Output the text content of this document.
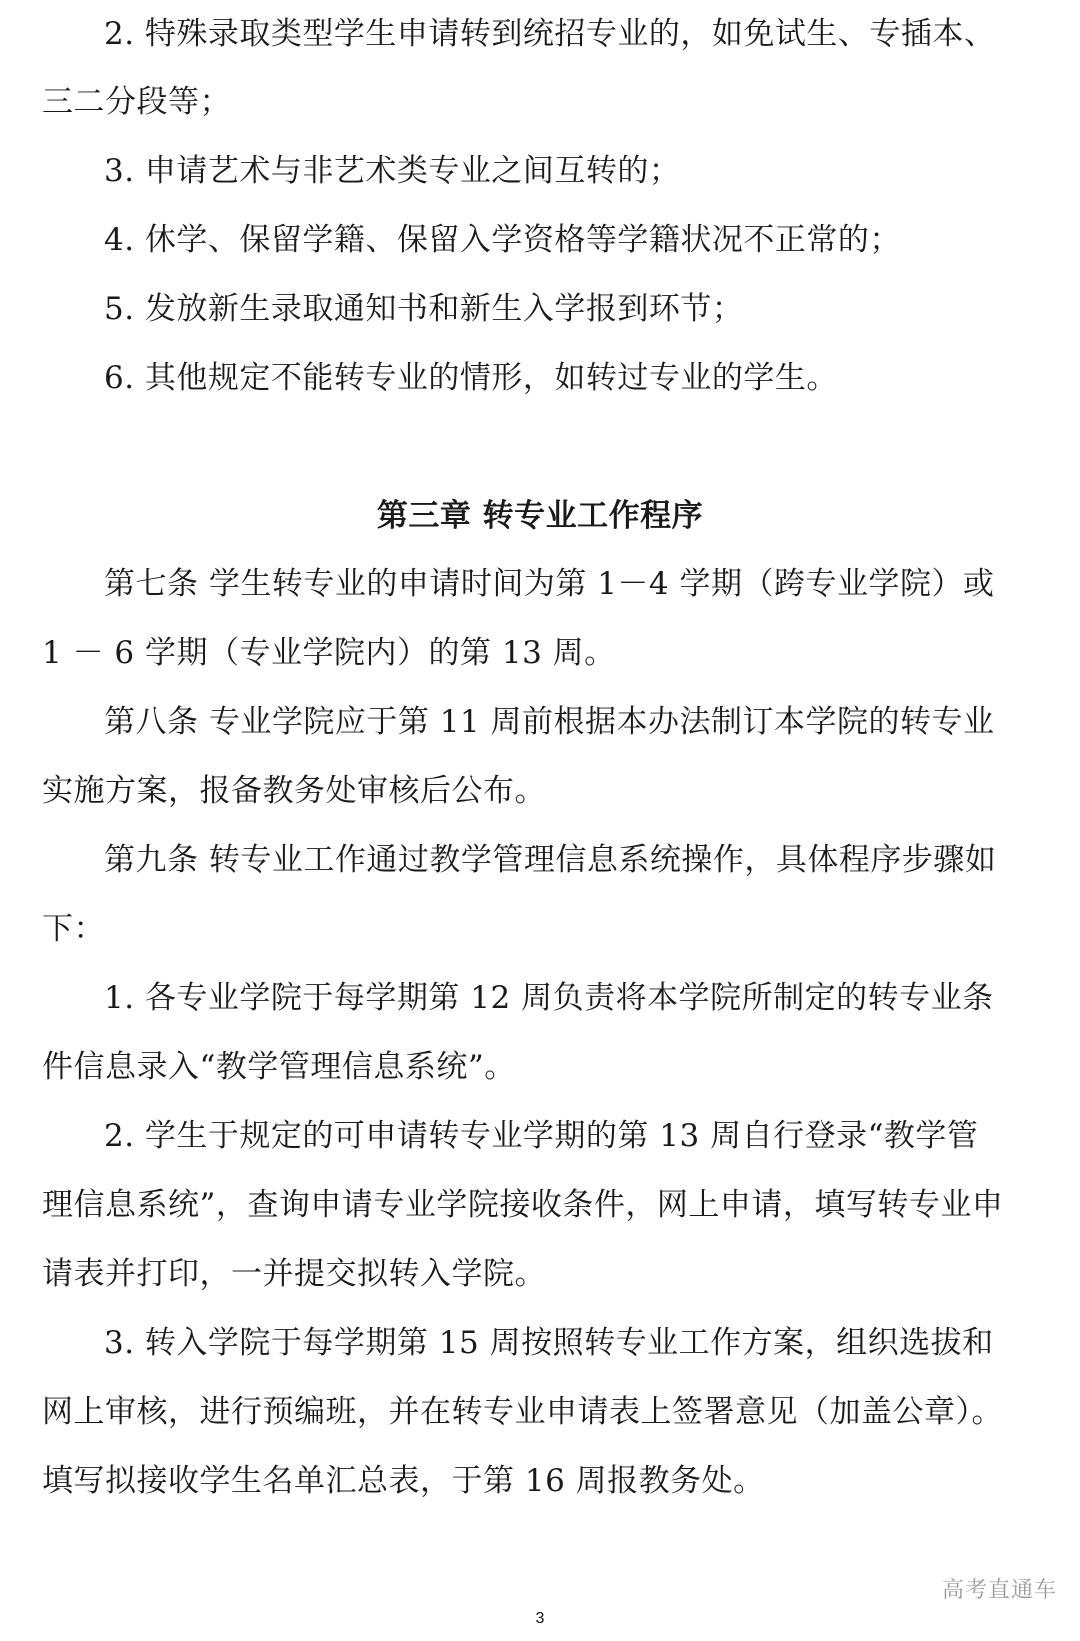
2. 特殊录取类型学生申请转到统招专业的，如免试生、专插本、
三二分段等；
3. 申请艺术与非艺术类专业之间互转的；
4. 休学、保留学籍、保留入学资格等学籍状况不正常的；
5. 发放新生录取通知书和新生入学报到环节；
6. 其他规定不能转专业的情形，如转过专业的学生。
第三章 转专业工作程序
第七条 学生转专业的申请时间为第 1－4 学期（跨专业学院）或
1 － 6 学期（专业学院内）的第 13 周。
第八条 专业学院应于第 11 周前根据本办法制订本学院的转专业
实施方案，报备教务处审核后公布。
第九条 转专业工作通过教学管理信息系统操作，具体程序步骤如
下：
1. 各专业学院于每学期第 12 周负责将本学院所制定的转专业条
件信息录入“教学管理信息系统”。
2. 学生于规定的可申请转专业学期的第 13 周自行登录“教学管
理信息系统”，查询申请专业学院接收条件，网上申请，填写转专业申
请表并打印，一并提交拟转入学院。
3. 转入学院于每学期第 15 周按照转专业工作方案，组织选拔和
网上审核，进行预编班，并在转专业申请表上签署意见（加盖公章）。
填写拟接收学生名单汇总表，于第 16 周报教务处。
高考直通车
3
